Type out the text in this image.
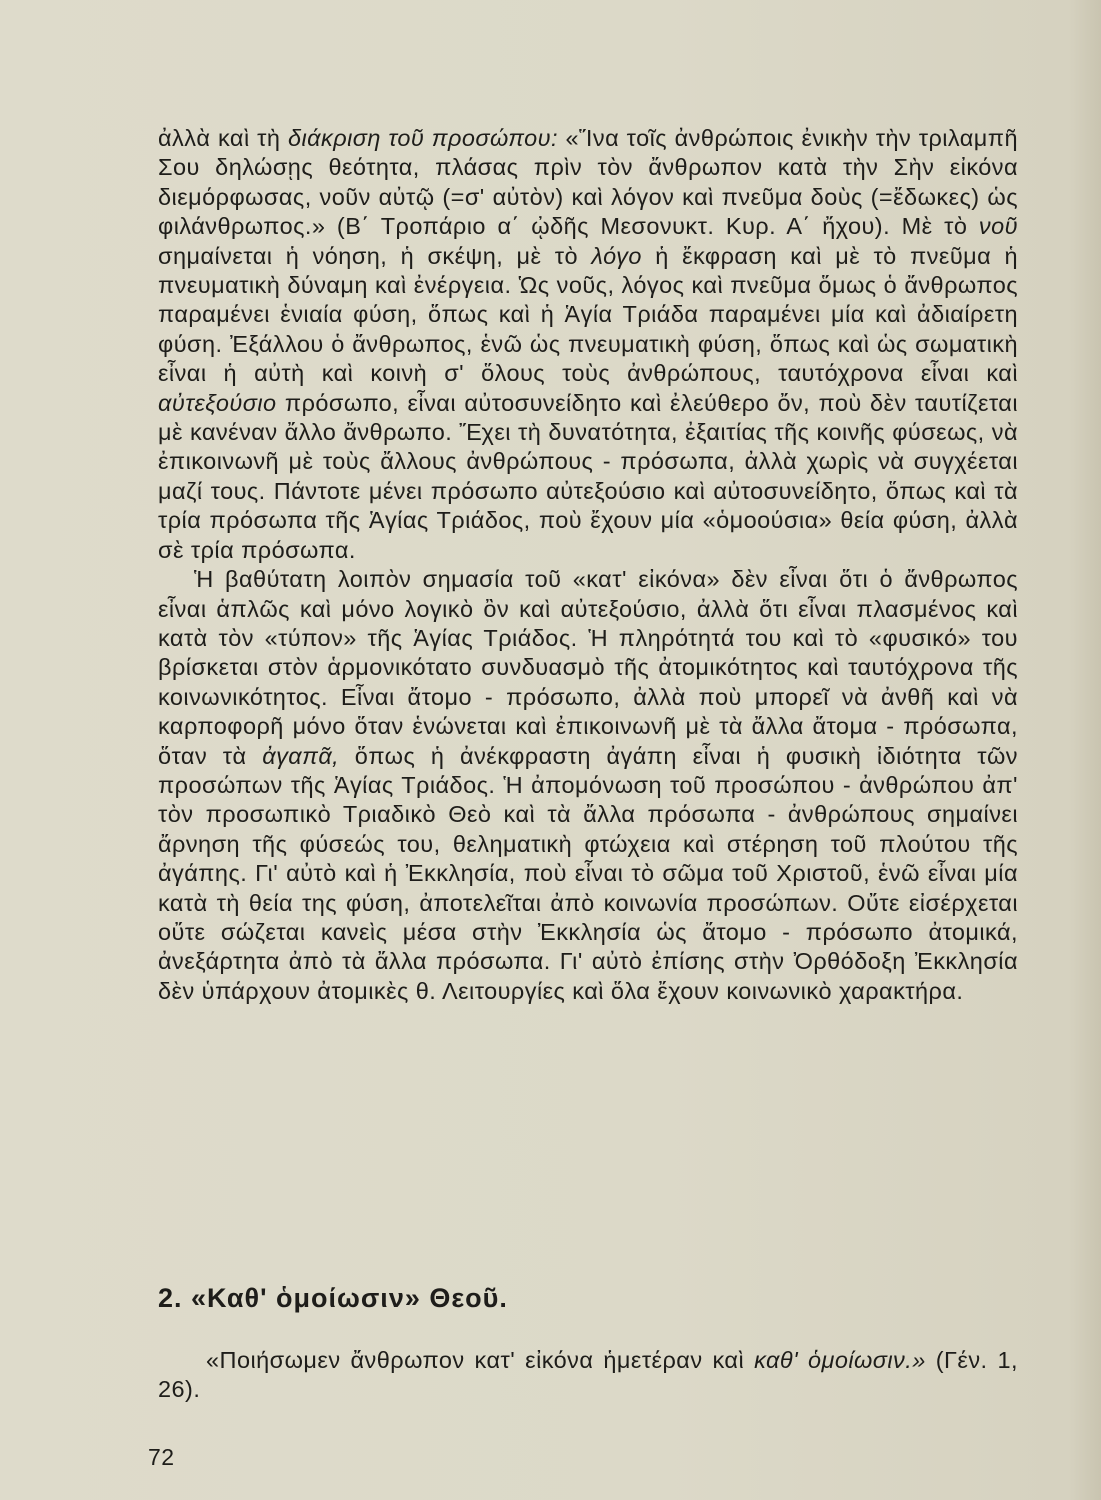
ἀλλὰ καὶ τὴ διάκριση τοῦ προσώπου: «Ἵνα τοῖς ἀνθρώποις ἐνικὴν τὴν τριλαμπῆ Σου δηλώσῃς θεότητα, πλάσας πρὶν τὸν ἄνθρωπον κατὰ τὴν Σὴν εἰκόνα διεμόρφωσας, νοῦν αὐτῷ (=σ' αὐτὸν) καὶ λόγον καὶ πνεῦμα δοὺς (=ἔδωκες) ὡς φιλάνθρωπος.» (Β΄ Τροπάριο α΄ ᾠδῆς Μεσονυκτ. Κυρ. Α΄ ἤχου). Μὲ τὸ νοῦ σημαίνεται ἡ νόηση, ἡ σκέψη, μὲ τὸ λόγο ἡ ἔκφραση καὶ μὲ τὸ πνεῦμα ἡ πνευματικὴ δύναμη καὶ ἐνέργεια. Ὡς νοῦς, λόγος καὶ πνεῦμα ὅμως ὁ ἄνθρωπος παραμένει ἑνιαία φύση, ὅπως καὶ ἡ Ἁγία Τριάδα παραμένει μία καὶ ἀδιαίρετη φύση. Ἐξάλλου ὁ ἄνθρωπος, ἑνῶ ὡς πνευματικὴ φύση, ὅπως καὶ ὡς σωματικὴ εἶναι ἡ αὐτὴ καὶ κοινὴ σ' ὅλους τοὺς ἀνθρώπους, ταυτόχρονα εἶναι καὶ αὐτεξούσιο πρόσωπο, εἶναι αὐτοσυνείδητο καὶ ἐλεύθερο ὄν, ποὺ δὲν ταυτίζεται μὲ κανέναν ἄλλο ἄνθρωπο. Ἔχει τὴ δυνατότητα, ἐξαιτίας τῆς κοινῆς φύσεως, νὰ ἐπικοινωνῆ μὲ τοὺς ἄλλους ἀνθρώπους - πρόσωπα, ἀλλὰ χωρὶς νὰ συγχέεται μαζί τους. Πάντοτε μένει πρόσωπο αὐτεξούσιο καὶ αὐτοσυνείδητο, ὅπως καὶ τὰ τρία πρόσωπα τῆς Ἁγίας Τριάδος, ποὺ ἔχουν μία «ὁμοούσια» θεία φύση, ἀλλὰ σὲ τρία πρόσωπα.

Ἡ βαθύτατη λοιπὸν σημασία τοῦ «κατ' εἰκόνα» δὲν εἶναι ὅτι ὁ ἄνθρωπος εἶναι ἁπλῶς καὶ μόνο λογικὸ ὂν καὶ αὐτεξούσιο, ἀλλὰ ὅτι εἶναι πλασμένος καὶ κατὰ τὸν «τύπον» τῆς Ἁγίας Τριάδος. Ἡ πληρότητά του καὶ τὸ «φυσικό» του βρίσκεται στὸν ἁρμονικότατο συνδυασμὸ τῆς ἀτομικότητος καὶ ταυτόχρονα τῆς κοινωνικότητος. Εἶναι ἄτομο - πρόσωπο, ἀλλὰ ποὺ μπορεῖ νὰ ἀνθῆ καὶ νὰ καρποφορῆ μόνο ὅταν ἑνώνεται καὶ ἐπικοινωνῆ μὲ τὰ ἄλλα ἄτομα - πρόσωπα, ὅταν τὰ ἀγαπᾶ, ὅπως ἡ ἀνέκφραστη ἀγάπη εἶναι ἡ φυσικὴ ἰδιότητα τῶν προσώπων τῆς Ἁγίας Τριάδος. Ἡ ἀπομόνωση τοῦ προσώπου - ἀνθρώπου ἀπ' τὸν προσωπικὸ Τριαδικὸ Θεὸ καὶ τὰ ἄλλα πρόσωπα - ἀνθρώπους σημαίνει ἄρνηση τῆς φύσεώς του, θεληματικὴ φτώχεια καὶ στέρηση τοῦ πλούτου τῆς ἀγάπης. Γι' αὐτὸ καὶ ἡ Ἐκκλησία, ποὺ εἶναι τὸ σῶμα τοῦ Χριστοῦ, ἑνῶ εἶναι μία κατὰ τὴ θεία της φύση, ἀποτελεῖται ἀπὸ κοινωνία προσώπων. Οὔτε εἰσέρχεται οὔτε σώζεται κανεὶς μέσα στὴν Ἐκκλησία ὡς ἄτομο - πρόσωπο ἀτομικά, ἀνεξάρτητα ἀπὸ τὰ ἄλλα πρόσωπα. Γι' αὐτὸ ἐπίσης στὴν Ὀρθόδοξη Ἐκκλησία δὲν ὑπάρχουν ἀτομικὲς θ. Λειτουργίες καὶ ὅλα ἔχουν κοινωνικὸ χαρακτήρα.

2. «Καθ' ὁμοίωσιν» Θεοῦ.

«Ποιήσωμεν ἄνθρωπον κατ' εἰκόνα ἡμετέραν καὶ καθ' ὁμοίωσιν.» (Γέν. 1, 26).

72
